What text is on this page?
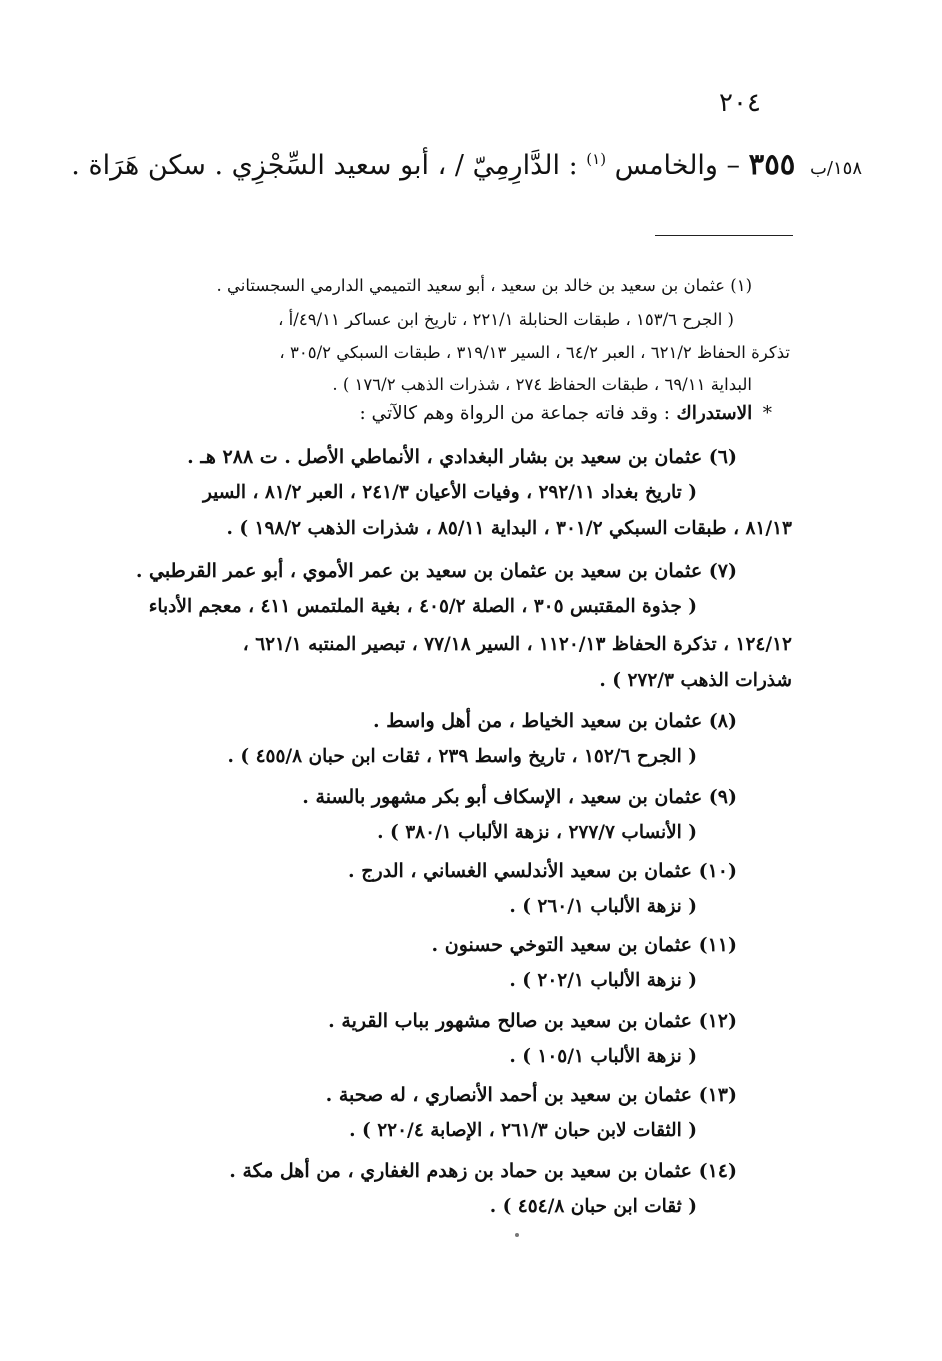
٢٠٤
١٥٨/ب ٣٥٥ – والخامس $^{(١)}$ : الدَّارِمِيّ / ، أبو سعيد السِّجْزِي . سكن هَرَاة .
(١) عثمان بن سعيد بن خالد بن سعيد ، أبو سعيد التميمي الدارمي السجستاني .
( الجرح ١٥٣/٦ ، طبقات الحنابلة ٢٢١/١ ، تاريخ ابن عساكر ٤٩/١١/أ ،
تذكرة الحفاظ ٦٢١/٢ ، العبر ٦٤/٢ ، السير ٣١٩/١٣ ، طبقات السبكي ٣٠٥/٢ ،
البداية ٦٩/١١ ، طبقات الحفاظ ٢٧٤ ، شذرات الذهب ١٧٦/٢ ) .
* الاستدراك : وقد فاته جماعة من الرواة وهم كالآتي :
(٦) عثمان بن سعيد بن بشار البغدادي ، الأنماطي الأصل . ت ٢٨٨ هـ .
( تاريخ بغداد ٢٩٢/١١ ، وفيات الأعيان ٢٤١/٣ ، العبر ٨١/٢ ، السير
٨١/١٣ ، طبقات السبكي ٣٠١/٢ ، البداية ٨٥/١١ ، شذرات الذهب ١٩٨/٢ ) .
(٧) عثمان بن سعيد بن عثمان بن سعيد بن عمر الأموي ، أبو عمر القرطبي .
( جذوة المقتبس ٣٠٥ ، الصلة ٤٠٥/٢ ، بغية الملتمس ٤١١ ، معجم الأدباء
١٢٤/١٢ ، تذكرة الحفاظ ١١٢٠/١٣ ، السير ٧٧/١٨ ، تبصير المنتبه ٦٢١/١ ،
شذرات الذهب ٢٧٢/٣ ) .
(٨) عثمان بن سعيد الخياط ، من أهل واسط .
( الجرح ١٥٢/٦ ، تاريخ واسط ٢٣٩ ، ثقات ابن حبان ٤٥٥/٨ ) .
(٩) عثمان بن سعيد ، الإسكاف أبو بكر مشهور بالسنة .
( الأنساب ٢٧٧/٧ ، نزهة الألباب ٣٨٠/١ ) .
(١٠) عثمان بن سعيد الأندلسي الغساني ، الدرج .
( نزهة الألباب ٢٦٠/١ ) .
(١١) عثمان بن سعيد التوخي حسنون .
( نزهة الألباب ٢٠٢/١ ) .
(١٢) عثمان بن سعيد بن صالح مشهور بباب القرية .
( نزهة الألباب ١٠٥/١ ) .
(١٣) عثمان بن سعيد بن أحمد الأنصاري ، له صحبة .
( الثقات لابن حبان ٢٦١/٣ ، الإصابة ٢٢٠/٤ ) .
(١٤) عثمان بن سعيد بن حماد بن زهدم الغفاري ، من أهل مكة .
( ثقات ابن حبان ٤٥٤/٨ ) .
